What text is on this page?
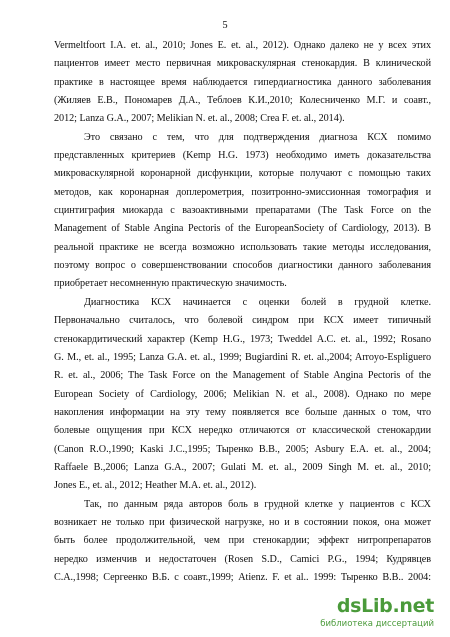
5

Vermeltfoort I.A. et. al., 2010; Jones E. et. al., 2012). Однако далеко не у всех этих
пациентов имеет место первичная микроваскулярная стенокардия. В клинической
практике в настоящее время наблюдается гипердиагностика данного заболевания
(Жиляев Е.В., Пономарев Д.А., Теблоев К.И.,2010; Колесниченко М.Г. и соавт.,
2012; Lanza G.A., 2007; Melikian N. et. al., 2008; Crea F. et. al., 2014).

Это связано с тем, что для подтверждения диагноза КСХ помимо
представленных критериев (Kemp H.G. 1973) необходимо иметь доказательства
микроваскулярной коронарной дисфункции, которые получают с помощью таких
методов, как коронарная доплерометрия, позитронно-эмиссионная томография и
сцинтиграфия миокарда с вазоактивными препаратами (The Task Force on the
Management of Stable Angina Pectoris of the EuropeanSociety of Cardiology, 2013). В
реальной практике не всегда возможно использовать такие методы исследования,
поэтому вопрос о совершенствовании способов диагностики данного заболевания
приобретает несомненную практическую значимость.

Диагностика КСХ начинается с оценки болей в грудной клетке.
Первоначально считалось, что болевой синдром при КСХ имеет типичный
стенокардитический характер (Kemp H.G., 1973; Tweddel A.C. et. al., 1992; Rosano
G. M., et. al., 1995; Lanza G.A. et. al., 1999; Bugiardini R. et. al.,2004; Arroyo-Espliguero
R. et. al., 2006; The Task Force on the Management of Stable Angina Pectoris of the
European Society of Cardiology, 2006; Melikian N. et al., 2008). Однако по мере
накопления информации на эту тему появляется все больше данных о том, что
болевые ощущения при КСХ нередко отличаются от классической стенокардии
(Canon R.O.,1990; Kaski J.C.,1995; Тыренко В.В., 2005; Asbury E.A. et. al., 2004;
Raffaele B.,2006; Lanza G.A., 2007; Gulati M. et. al., 2009 Singh M. et. al., 2010;
Jones E., et. al., 2012; Heather M.A. et. al., 2012).

Так, по данным ряда авторов боль в грудной клетке у пациентов с КСХ
возникает не только при физической нагрузке, но и в состоянии покоя, она может
быть более продолжительной, чем при стенокардии; эффект нитропрепаратов
нередко изменчив и недостаточен (Rosen S.D., Camici P.G., 1994; Кудрявцев
С.А.,1998; Сергеенко В.Б. с соавт.,1999; Atienz. F. et al.. 1999: Тыренко В.В.. 2004:

dsLib.net
библиотека диссертаций
